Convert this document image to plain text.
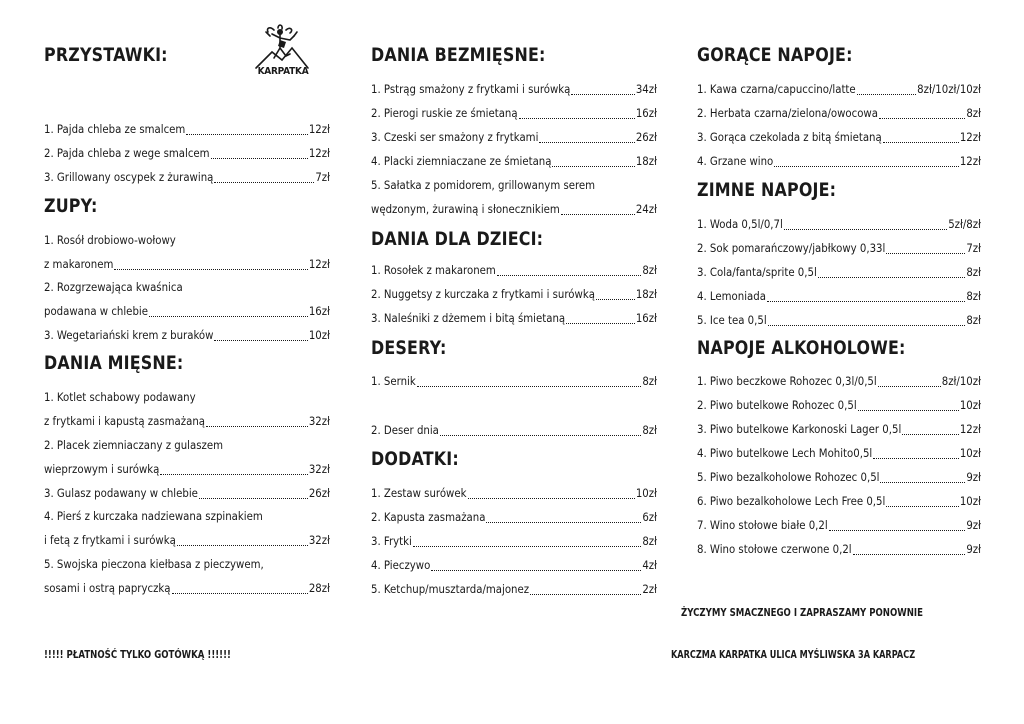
PRZYSTAWKI:
1. Pajda chleba ze smalcem	12zł
2. Pajda chleba z wege smalcem	12zł
3. Grillowany oscypek z żurawiną	7zł
ZUPY:
1. Rosół drobiowo-wołowy
z makaronem	12zł
2. Rozgrzewająca kwaśnica
podawana w chlebie	16zł
3. Wegetariański krem z buraków	10zł
DANIA MIĘSNE:
1. Kotlet schabowy podawany
z frytkami i kapustą zasmażaną	32zł
2. Placek ziemniaczany z gulaszem
wieprzowym i surówką	32zł
3. Gulasz podawany w chlebie	26zł
4. Pierś z kurczaka nadziewana szpinakiem
i fetą z frytkami i surówką	32zł
5. Swojska pieczona kiełbasa z pieczywem,
sosami i ostrą papryczką	28zł
KARPATKA
DANIA BEZMIĘSNE:
1. Pstrąg smażony z frytkami i surówką	34zł
2. Pierogi ruskie ze śmietaną	16zł
3. Czeski ser smażony z frytkami	26zł
4. Placki ziemniaczane ze śmietaną	18zł
5. Sałatka z pomidorem, grillowanym serem
wędzonym, żurawiną i słonecznikiem	24zł
DANIA DLA DZIECI:
1. Rosołek z makaronem	8zł
2. Nuggetsy z kurczaka z frytkami i surówką	18zł
3. Naleśniki z dżemem i bitą śmietaną	16zł
DESERY:
1. Sernik	8zł
2. Deser dnia	8zł
DODATKI:
1. Zestaw surówek	10zł
2. Kapusta zasmażana	6zł
3. Frytki	8zł
4. Pieczywo	4zł
5. Ketchup/musztarda/majonez	2zł
GORĄCE NAPOJE:
1. Kawa czarna/capuccino/latte	8zł/10zł/10zł
2. Herbata czarna/zielona/owocowa	8zł
3. Gorąca czekolada z bitą śmietaną	12zł
4. Grzane wino	12zł
ZIMNE NAPOJE:
1. Woda 0,5l/0,7l	5zł/8zł
2. Sok pomarańczowy/jabłkowy 0,33l	7zł
3. Cola/fanta/sprite 0,5l	8zł
4. Lemoniada	8zł
5. Ice tea 0,5l	8zł
NAPOJE ALKOHOLOWE:
1. Piwo beczkowe Rohozec 0,3l/0,5l	8zł/10zł
2. Piwo butelkowe Rohozec 0,5l	10zł
3. Piwo butelkowe Karkonoski Lager 0,5l	12zł
4. Piwo butelkowe Lech Mohito0,5l	10zł
5. Piwo bezalkoholowe Rohozec 0,5l	9zł
6. Piwo bezalkoholowe Lech Free 0,5l	10zł
7. Wino stołowe białe 0,2l	9zł
8. Wino stołowe czerwone 0,2l	9zł
!!!!! PŁATNOŚĆ TYLKO GOTÓWKĄ !!!!!!
ŻYCZYMY SMACZNEGO I ZAPRASZAMY PONOWNIE
KARCZMA KARPATKA ULICA MYŚLIWSKA 3A KARPACZ
